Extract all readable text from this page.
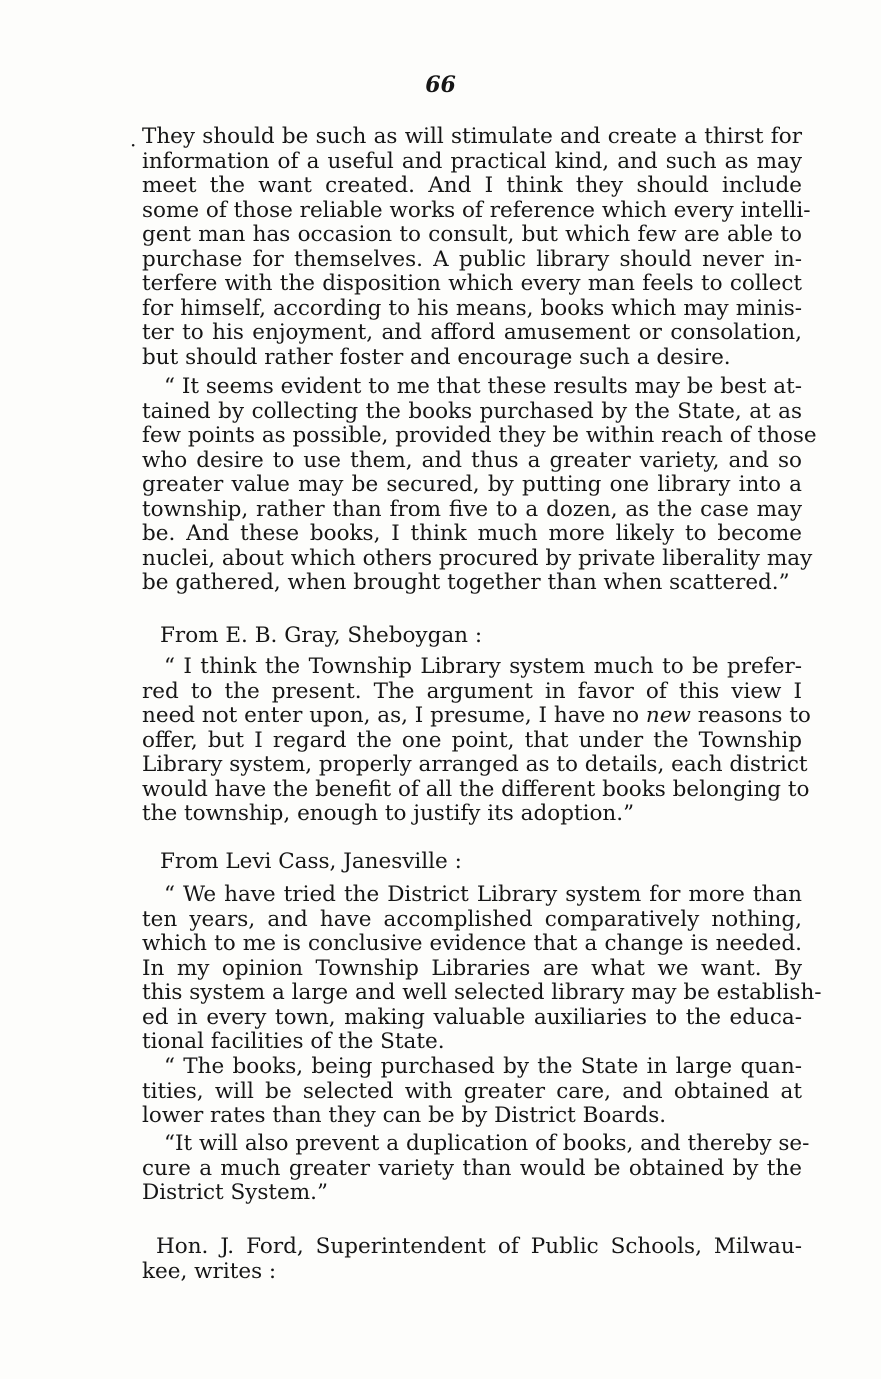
66
· They should be such as will stimulate and create a thirst for
information of a useful and practical kind, and such as may
meet the want created. And I think they should include
some of those reliable works of reference which every intelli-
gent man has occasion to consult, but which few are able to
purchase for themselves. A public library should never in-
terfere with the disposition which every man feels to collect
for himself, according to his means, books which may minis-
ter to his enjoyment, and afford amusement or consolation,
but should rather foster and encourage such a desire.
“ It seems evident to me that these results may be best at-
tained by collecting the books purchased by the State, at as
few points as possible, provided they be within reach of those
who desire to use them, and thus a greater variety, and so
greater value may be secured, by putting one library into a
township, rather than from five to a dozen, as the case may
be. And these books, I think much more likely to become
nuclei, about which others procured by private liberality may
be gathered, when brought together than when scattered.”
From E. B. Gray, Sheboygan :
“ I think the Township Library system much to be prefer-
red to the present. The argument in favor of this view I
need not enter upon, as, I presume, I have no new reasons to
offer, but I regard the one point, that under the Township
Library system, properly arranged as to details, each district
would have the benefit of all the different books belonging to
the township, enough to justify its adoption.”
From Levi Cass, Janesville :
“ We have tried the District Library system for more than
ten years, and have accomplished comparatively nothing,
which to me is conclusive evidence that a change is needed.
In my opinion Township Libraries are what we want. By
this system a large and well selected library may be establish-
ed in every town, making valuable auxiliaries to the educa-
tional facilities of the State.
“ The books, being purchased by the State in large quan-
tities, will be selected with greater care, and obtained at
lower rates than they can be by District Boards.
“It will also prevent a duplication of books, and thereby se-
cure a much greater variety than would be obtained by the
District System.”
Hon. J. Ford, Superintendent of Public Schools, Milwau-
kee, writes :
